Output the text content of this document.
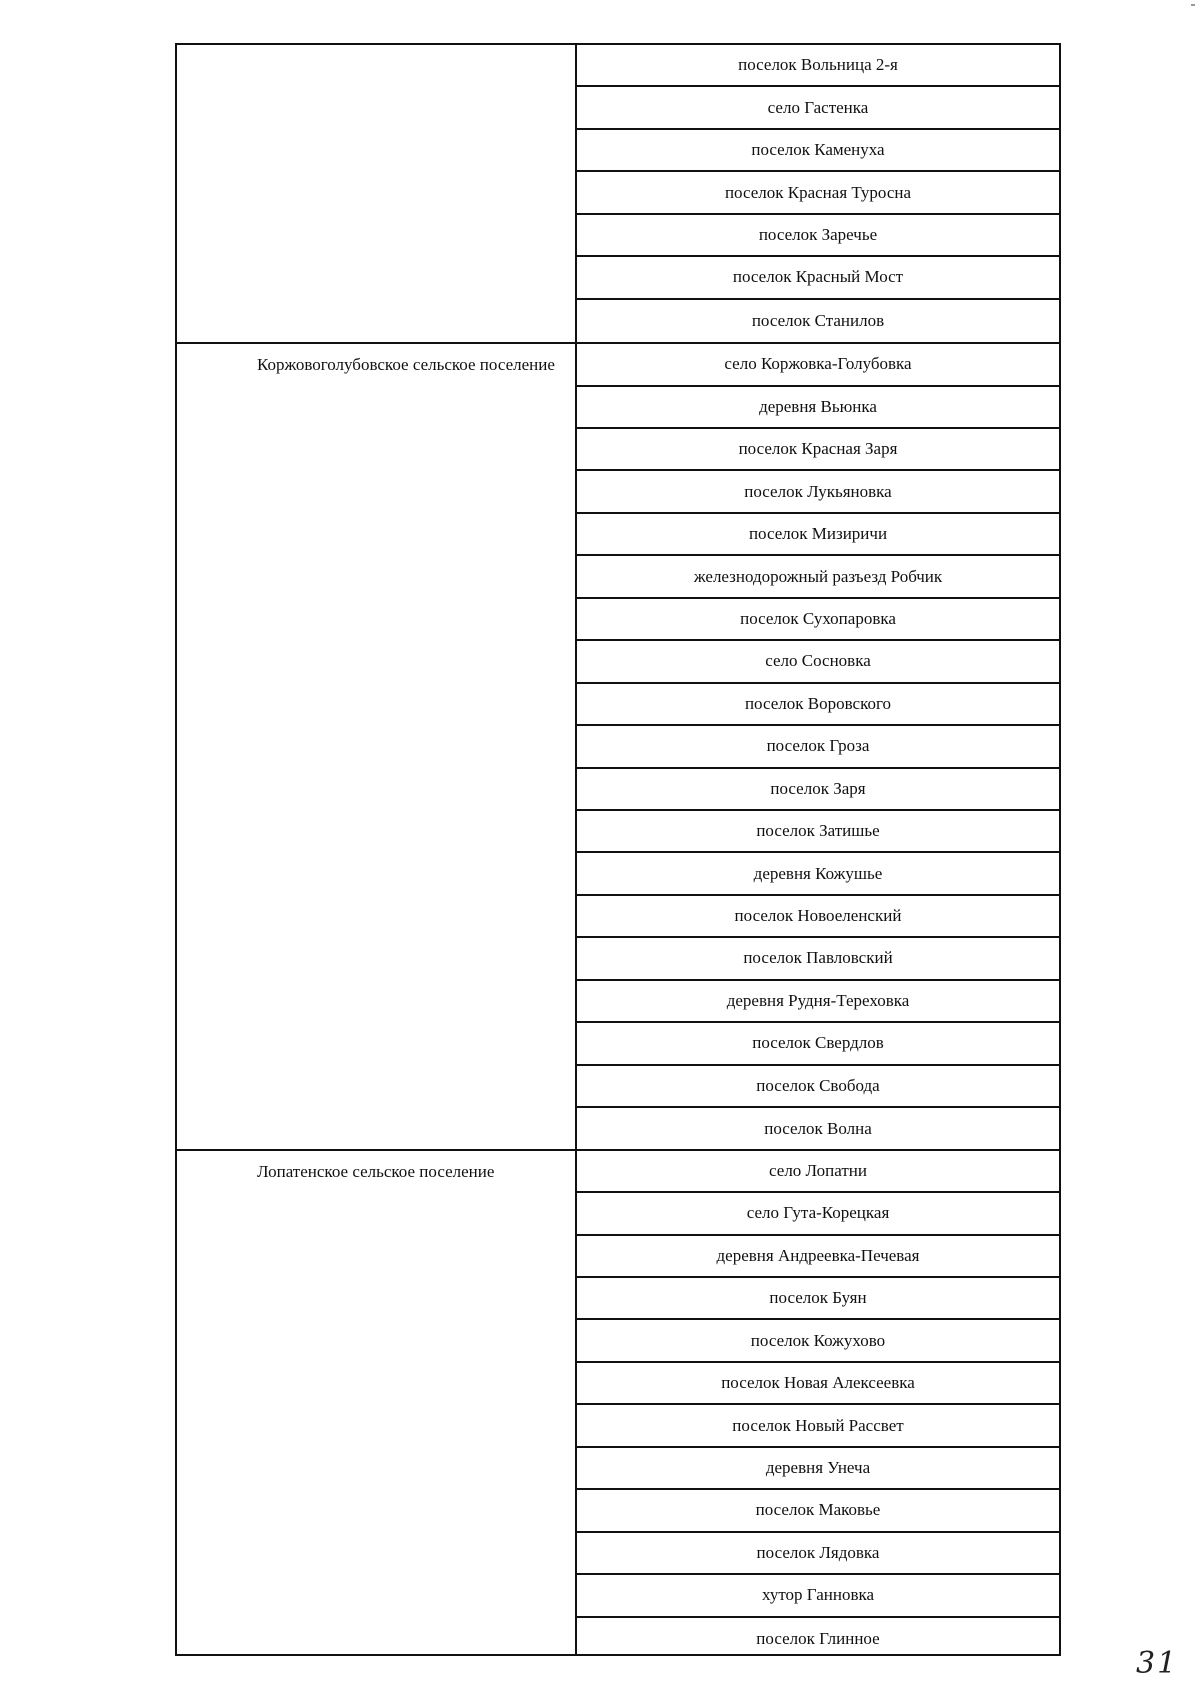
поселок Вольница 2-я
село Гастенка
поселок Каменуха
поселок Красная Туросна
поселок Заречье
поселок Красный Мост
поселок Станилов
Коржовоголубовское сельское поселение	село Коржовка-Голубовка
деревня Вьюнка
поселок Красная Заря
поселок Лукьяновка
поселок Мизиричи
железнодорожный разъезд Робчик
поселок Сухопаровка
село Сосновка
поселок Воровского
поселок Гроза
поселок Заря
поселок Затишье
деревня Кожушье
поселок Новоеленский
поселок Павловский
деревня Рудня-Тереховка
поселок Свердлов
поселок Свобода
поселок Волна
Лопатенское сельское поселение	село Лопатни
село Гута-Корецкая
деревня Андреевка-Печевая
поселок Буян
поселок Кожухово
поселок Новая Алексеевка
поселок Новый Рассвет
деревня Унеча
поселок Маковье
поселок Лядовка
хутор Ганновка
поселок Глинное
31
